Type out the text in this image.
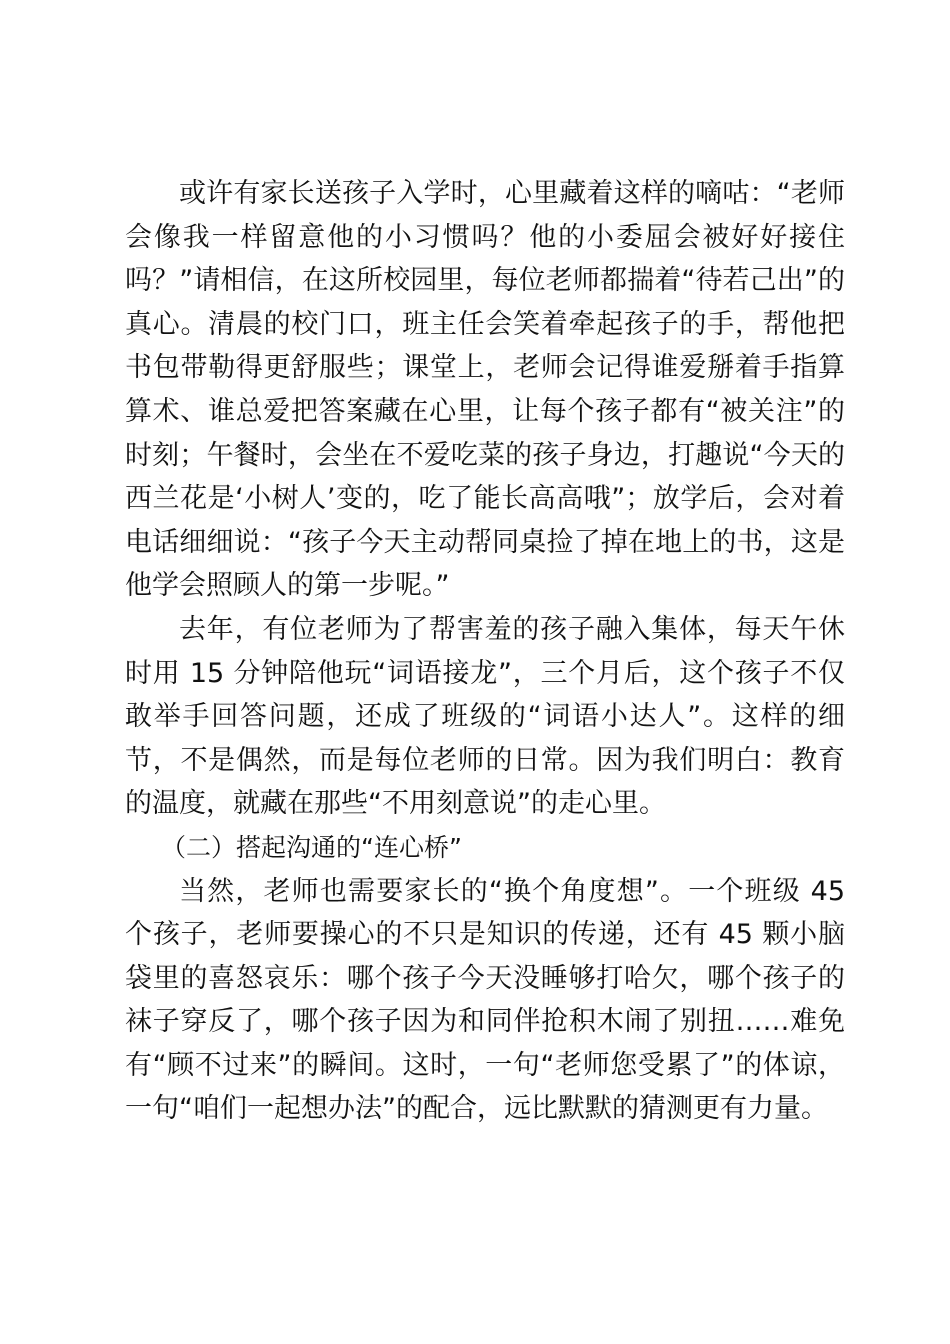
或许有家长送孩子入学时，心里藏着这样的嘀咕：“老师会像我一样留意他的小习惯吗？他的小委屈会被好好接住吗？”请相信，在这所校园里，每位老师都揣着“待若己出”的真心。清晨的校门口，班主任会笑着牵起孩子的手，帮他把书包带勒得更舒服些；课堂上，老师会记得谁爱掰着手指算算术、谁总爱把答案藏在心里，让每个孩子都有“被关注”的时刻；午餐时，会坐在不爱吃菜的孩子身边，打趣说“今天的西兰花是‘小树人’变的，吃了能长高高哦”；放学后，会对着电话细细说：“孩子今天主动帮同桌捡了掉在地上的书，这是他学会照顾人的第一步呢。”

去年，有位老师为了帮害羞的孩子融入集体，每天午休时用 15 分钟陪他玩“词语接龙”，三个月后，这个孩子不仅敢举手回答问题，还成了班级的“词语小达人”。这样的细节，不是偶然，而是每位老师的日常。因为我们明白：教育的温度，就藏在那些“不用刻意说”的走心里。

（二）搭起沟通的“连心桥”

当然，老师也需要家长的“换个角度想”。一个班级 45 个孩子，老师要操心的不只是知识的传递，还有 45 颗小脑袋里的喜怒哀乐：哪个孩子今天没睡够打哈欠，哪个孩子的袜子穿反了，哪个孩子因为和同伴抢积木闹了别扭……难免有“顾不过来”的瞬间。这时，一句“老师您受累了”的体谅，一句“咱们一起想办法”的配合，远比默默的猜测更有力量。
